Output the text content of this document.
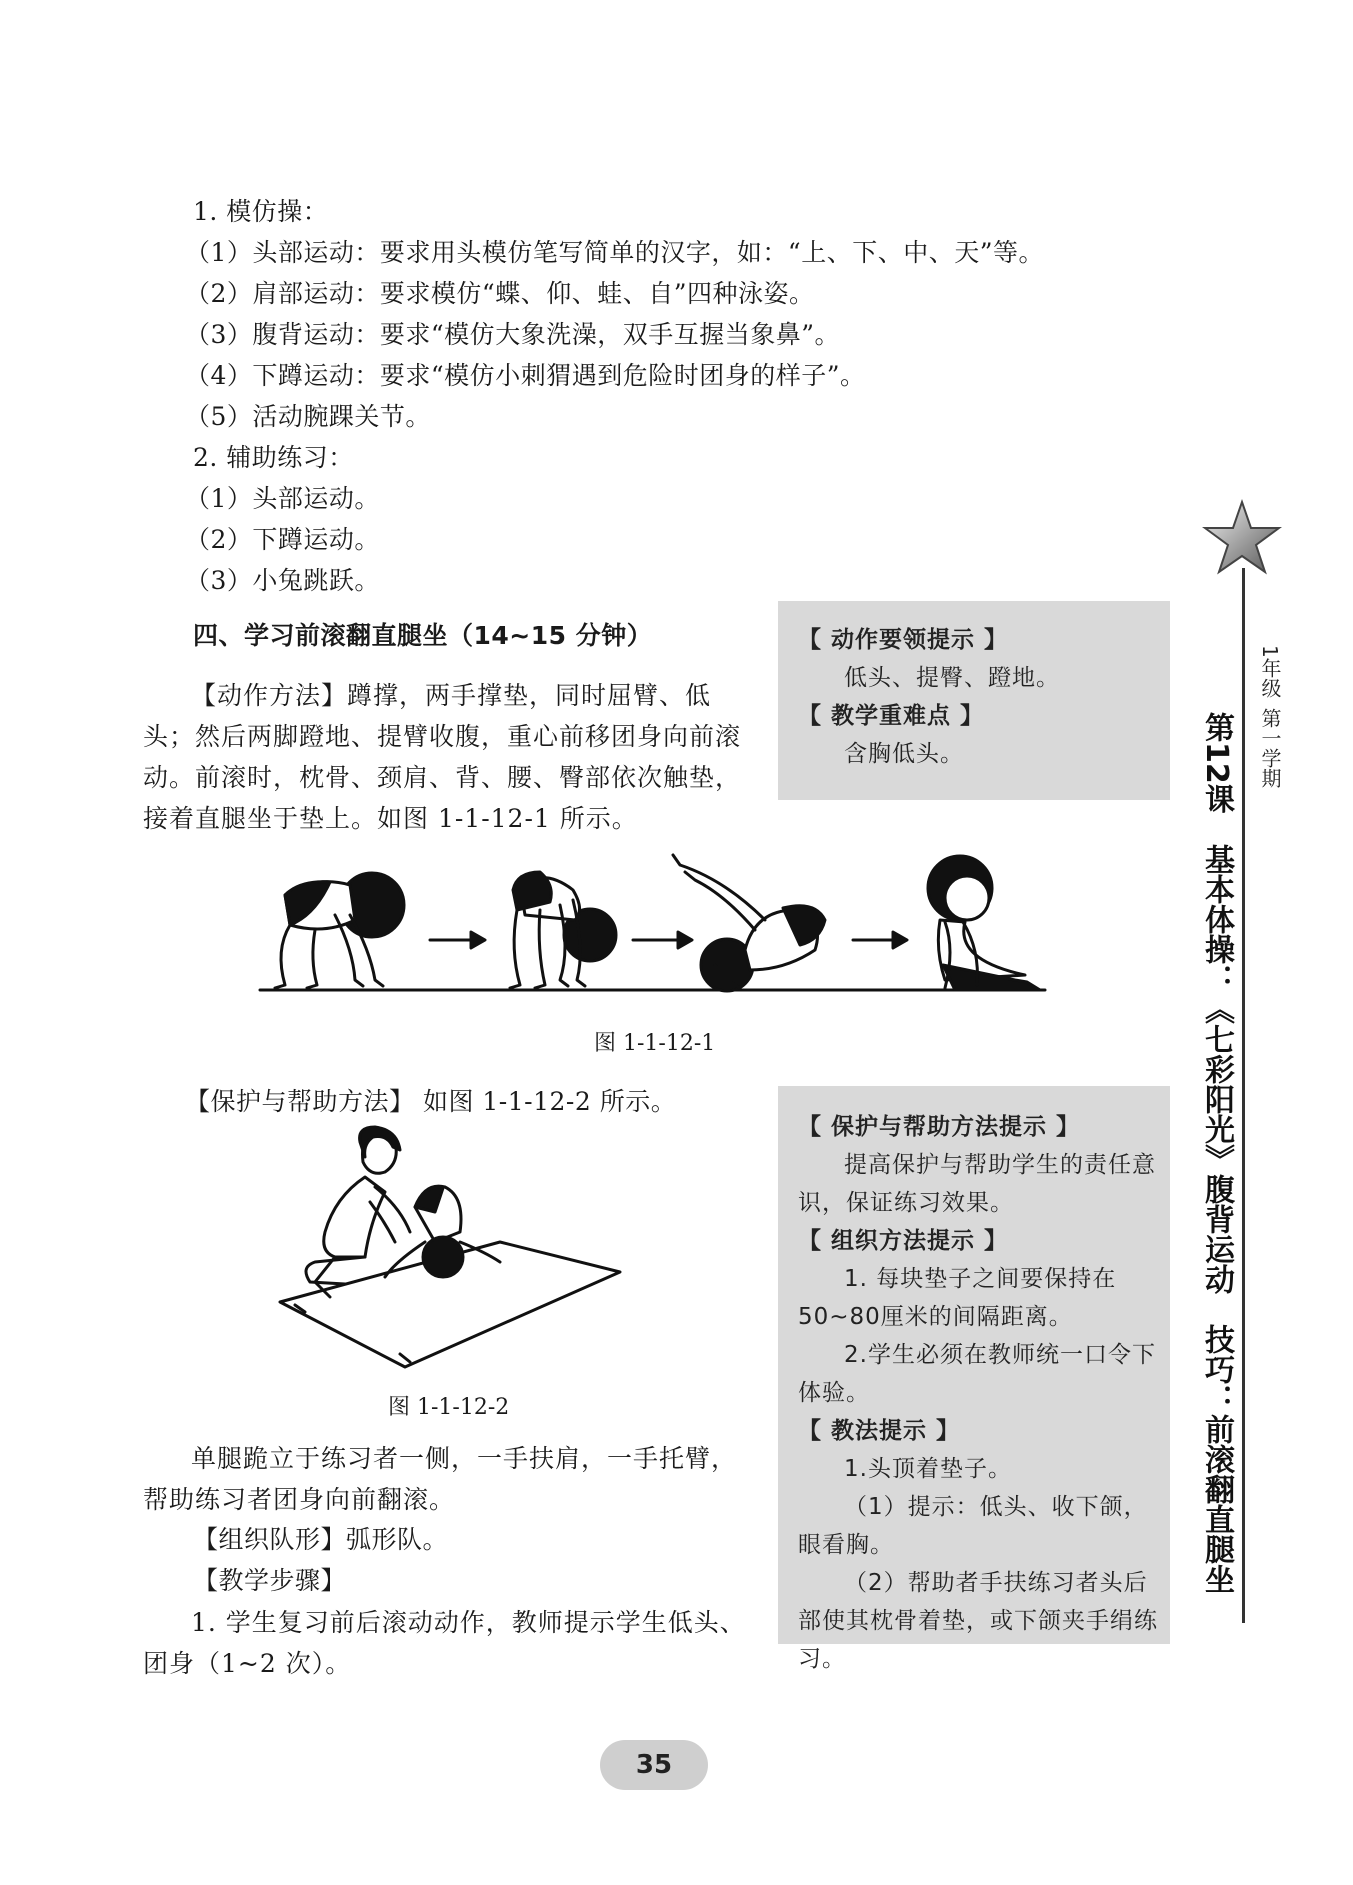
1. 模仿操：
（1）头部运动：要求用头模仿笔写简单的汉字，如：“上、下、中、天”等。
（2）肩部运动：要求模仿“蝶、仰、蛙、自”四种泳姿。
（3）腹背运动：要求“模仿大象洗澡，双手互握当象鼻”。
（4）下蹲运动：要求“模仿小刺猬遇到危险时团身的样子”。
（5）活动腕踝关节。
2. 辅助练习：
（1）头部运动。
（2）下蹲运动。
（3）小兔跳跃。
四、学习前滚翻直腿坐（14~15 分钟）
【动作方法】蹲撑，两手撑垫，同时屈臂、低头；然后两脚蹬地、提臂收腹，重心前移团身向前滚动。前滚时，枕骨、颈肩、背、腰、臀部依次触垫，接着直腿坐于垫上。如图 1-1-12-1 所示。
图 1-1-12-1
【保护与帮助方法】 如图 1-1-12-2 所示。
图 1-1-12-2
单腿跪立于练习者一侧，一手扶肩，一手托臂，帮助练习者团身向前翻滚。
【组织队形】弧形队。
【教学步骤】
1. 学生复习前后滚动动作，教师提示学生低头、团身（1~2 次）。
【 动作要领提示 】
低头、提臀、蹬地。
【 教学重难点 】
含胸低头。
【 保护与帮助方法提示 】
提高保护与帮助学生的责任意识，保证练习效果。
【 组织方法提示 】
1. 每块垫子之间要保持在50~80厘米的间隔距离。
2.学生必须在教师统一口令下体验。
【 教法提示 】
1.头顶着垫子。
（1）提示：低头、收下颌，眼看胸。
（2）帮助者手扶练习者头后部使其枕骨着垫，或下颌夹手绢练习。
1年级
第一学期
第12课
基本体操：
《七彩阳光》
腹背运动
技巧：
前滚翻直腿坐
35
